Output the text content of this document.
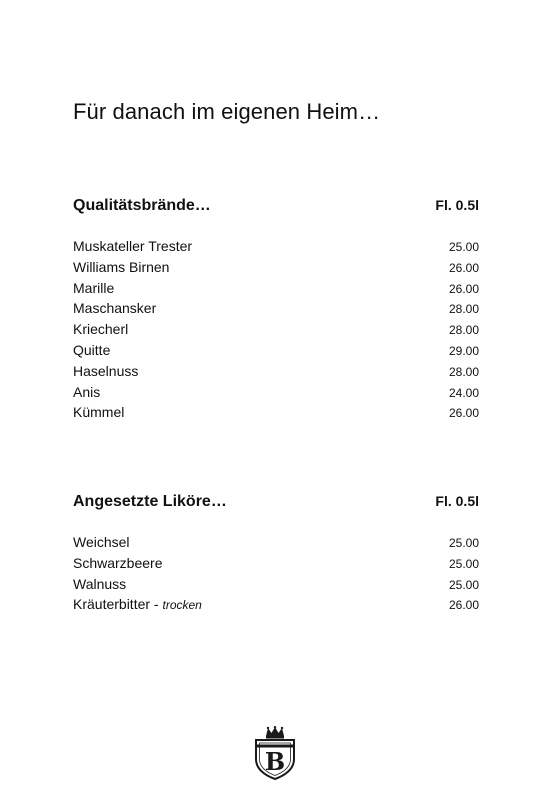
Für danach im eigenen Heim…
Qualitätsbrände…	Fl. 0.5l
Muskateller Trester	25.00
Williams Birnen	26.00
Marille	26.00
Maschansker	28.00
Kriecherl	28.00
Quitte	29.00
Haselnuss	28.00
Anis	24.00
Kümmel	26.00
Angesetzte Liköre…	Fl. 0.5l
Weichsel	25.00
Schwarzbeere	25.00
Walnuss	25.00
Kräuterbitter - trocken	26.00
B
